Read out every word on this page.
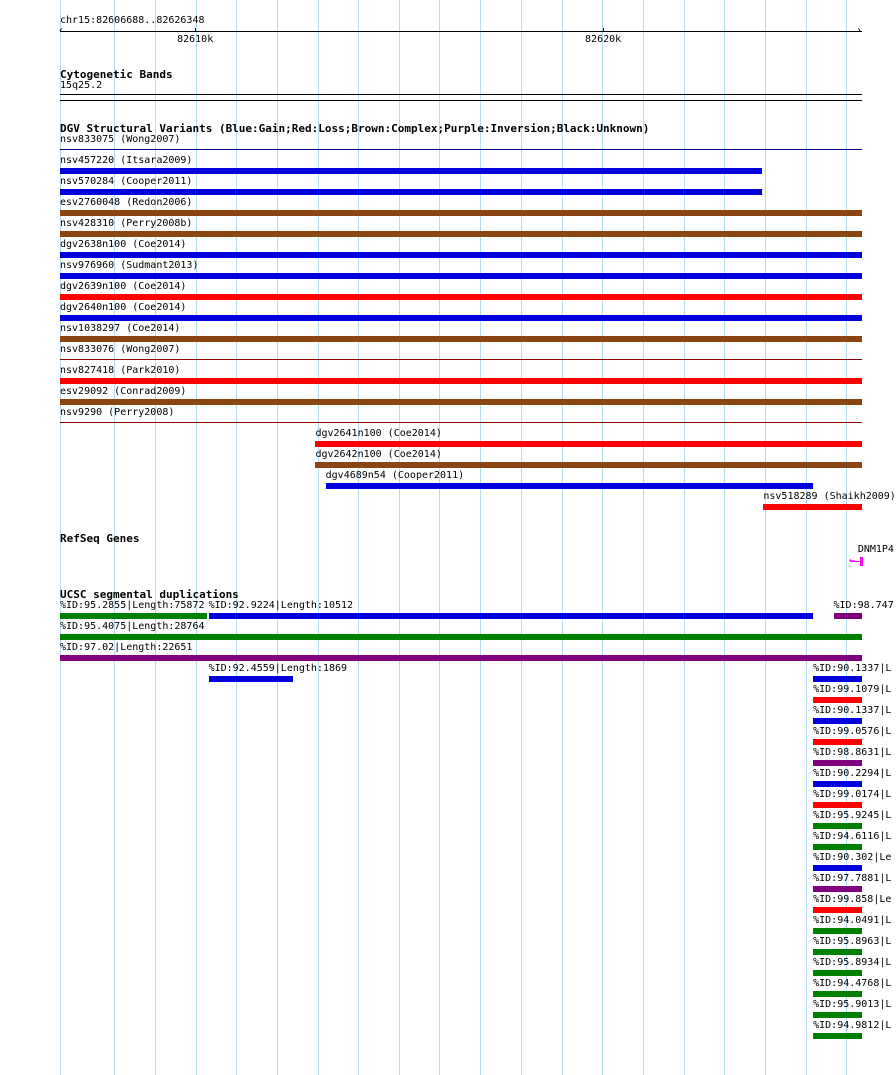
chr15:82606688..82626348
‹	›
82610k	82620k
Cytogenetic Bands
15q25.2
DGV Structural Variants (Blue:Gain;Red:Loss;Brown:Complex;Purple:Inversion;Black:Unknown)
nsv833075 (Wong2007)
nsv457220 (Itsara2009)
nsv570284 (Cooper2011)
esv2760048 (Redon2006)
nsv428310 (Perry2008b)
dgv2638n100 (Coe2014)
nsv976960 (Sudmant2013)
dgv2639n100 (Coe2014)
dgv2640n100 (Coe2014)
nsv1038297 (Coe2014)
nsv833076 (Wong2007)
nsv827418 (Park2010)
esv29092 (Conrad2009)
nsv9290 (Perry2008)
dgv2641n100 (Coe2014)
dgv2642n100 (Coe2014)
dgv4689n54 (Cooper2011)
nsv518289 (Shaikh2009)
RefSeq Genes
DNM1P4
←
UCSC segmental duplications
%ID:95.2855|Length:75872 %ID:92.9224|Length:10512	%ID:98.747
%ID:95.4075|Length:28764
%ID:97.02|Length:22651
%ID:92.4559|Length:1869	%ID:90.1337|L
%ID:99.1079|L
%ID:90.1337|L
%ID:99.0576|L
%ID:98.8631|L
%ID:90.2294|L
%ID:99.0174|L
%ID:95.9245|L
%ID:94.6116|L
%ID:90.302|Le
%ID:97.7881|L
%ID:99.858|Le
%ID:94.0491|L
%ID:95.8963|L
%ID:95.8934|L
%ID:94.4768|L
%ID:95.9013|L
%ID:94.9812|L
